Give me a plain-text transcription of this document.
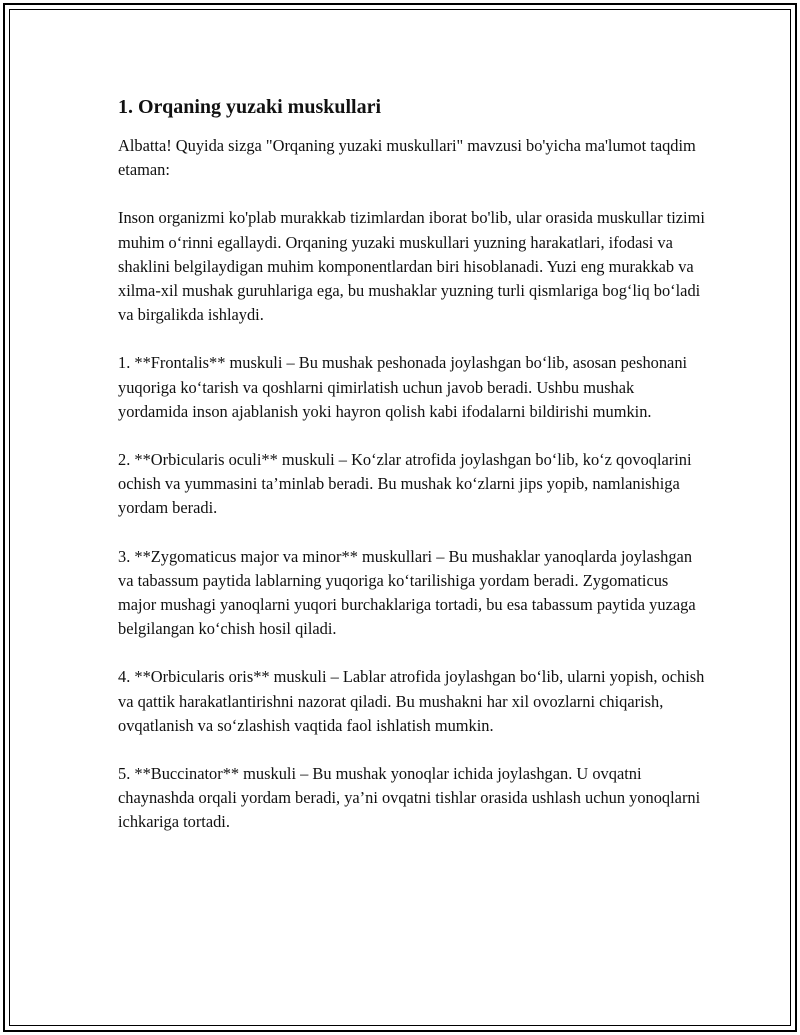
1. Orqaning yuzaki muskullari

Albatta! Quyida sizga "Orqaning yuzaki muskullari" mavzusi bo'yicha ma'lumot taqdim etaman:

Inson organizmi ko'plab murakkab tizimlardan iborat bo'lib, ular orasida muskullar tizimi muhim o‘rinni egallaydi. Orqaning yuzaki muskullari yuzning harakatlari, ifodasi va shaklini belgilaydigan muhim komponentlardan biri hisoblanadi. Yuzi eng murakkab va xilma-xil mushak guruhlariga ega, bu mushaklar yuzning turli qismlariga bog‘liq bo‘ladi va birgalikda ishlaydi.

1. **Frontalis** muskuli – Bu mushak peshonada joylashgan bo‘lib, asosan peshonani yuqoriga ko‘tarish va qoshlarni qimirlatish uchun javob beradi. Ushbu mushak yordamida inson ajablanish yoki hayron qolish kabi ifodalarni bildirishi mumkin.

2. **Orbicularis oculi** muskuli – Ko‘zlar atrofida joylashgan bo‘lib, ko‘z qovoqlarini ochish va yummasini ta’minlab beradi. Bu mushak ko‘zlarni jips yopib, namlanishiga yordam beradi.

3. **Zygomaticus major va minor** muskullari – Bu mushaklar yanoqlarda joylashgan va tabassum paytida lablarning yuqoriga ko‘tarilishiga yordam beradi. Zygomaticus major mushagi yanoqlarni yuqori burchaklariga tortadi, bu esa tabassum paytida yuzaga belgilangan ko‘chish hosil qiladi.

4. **Orbicularis oris** muskuli – Lablar atrofida joylashgan bo‘lib, ularni yopish, ochish va qattik harakatlantirishni nazorat qiladi. Bu mushakni har xil ovozlarni chiqarish, ovqatlanish va so‘zlashish vaqtida faol ishlatish mumkin.

5. **Buccinator** muskuli – Bu mushak yonoqlar ichida joylashgan. U ovqatni chaynashda orqali yordam beradi, ya’ni ovqatni tishlar orasida ushlash uchun yonoqlarni ichkariga tortadi.
